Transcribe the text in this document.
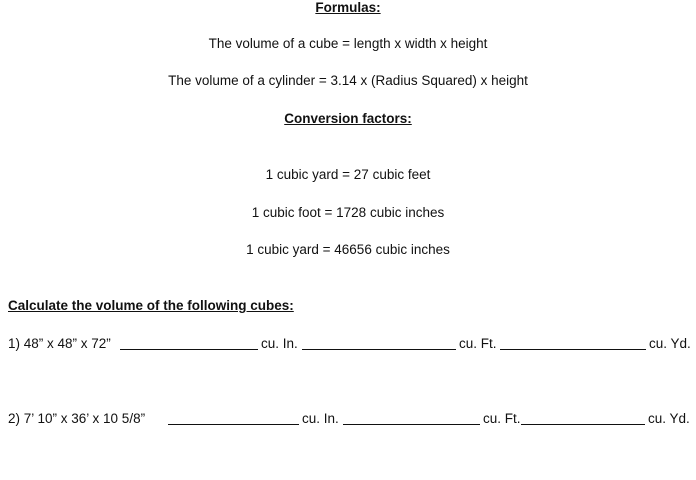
Formulas:
The volume of a cube = length x width x height
The volume of a cylinder = 3.14 x (Radius Squared) x height
Conversion factors:
1 cubic yard = 27 cubic feet
1 cubic foot = 1728 cubic inches
1 cubic yard = 46656 cubic inches
Calculate the volume of the following cubes:
1) 48” x 48” x 72”	cu. In.	cu. Ft.	cu. Yd.
2) 7’ 10” x 36’ x 10 5/8”	cu. In.	cu. Ft.	cu. Yd.
